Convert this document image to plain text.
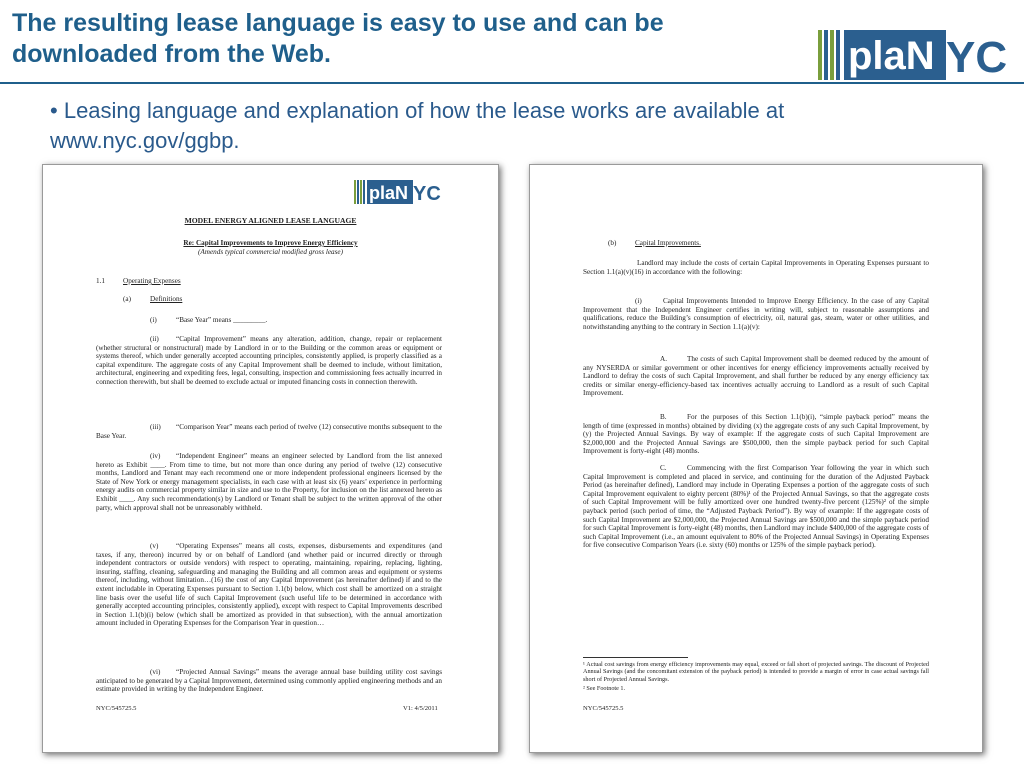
The resulting lease language is easy to use and can be downloaded from the Web.	plaN YC
• Leasing language and explanation of how the lease works are available at www.nyc.gov/ggbp.
plaN YC
MODEL ENERGY ALIGNED LEASE LANGUAGE
Re: Capital Improvements to Improve Energy Efficiency
(Amends typical commercial modified gross lease)
1.1	Operating Expenses
(a)	Definitions
(i)	“Base Year” means _________.
(ii)	“Capital Improvement” means any alteration, addition, change, repair or replacement (whether structural or nonstructural) made by Landlord in or to the Building or the common areas or equipment or systems thereof, which under generally accepted accounting principles, consistently applied, is properly classified as a capital expenditure. The aggregate costs of any Capital Improvement shall be deemed to include, without limitation, architectural, engineering and expediting fees, legal, consulting, inspection and commissioning fees actually incurred in connection therewith, but shall be deemed to exclude actual or imputed financing costs in connection therewith.
(iii)	“Comparison Year” means each period of twelve (12) consecutive months subsequent to the Base Year.
(iv)	“Independent Engineer” means an engineer selected by Landlord from the list annexed hereto as Exhibit ____. From time to time, but not more than once during any period of twelve (12) consecutive months, Landlord and Tenant may each recommend one or more independent professional engineers licensed by the State of New York or energy management specialists, in each case with at least six (6) years’ experience in performing energy audits on commercial property similar in size and use to the Property, for inclusion on the list annexed hereto as Exhibit ____. Any such recommendation(s) by Landlord or Tenant shall be subject to the written approval of the other party, which approval shall not be unreasonably withheld.
(v)	“Operating Expenses” means all costs, expenses, disbursements and expenditures (and taxes, if any, thereon) incurred by or on behalf of Landlord (and whether paid or incurred directly or through independent contractors or outside vendors) with respect to operating, maintaining, repairing, replacing, lighting, insuring, staffing, cleaning, safeguarding and managing the Building and all common areas and equipment or systems thereof, including, without limitation…(16) the cost of any Capital Improvement (as hereinafter defined) if and to the extent includable in Operating Expenses pursuant to Section 1.1(b) below, which cost shall be amortized on a straight line basis over the useful life of such Capital Improvement (such useful life to be determined in accordance with generally accepted accounting principles, consistently applied), except with respect to Capital Improvements described in Section 1.1(b)(i) below (which shall be amortized as provided in that subsection), with the annual amortization amount included in Operating Expenses for the Comparison Year in question…
(vi)	“Projected Annual Savings” means the average annual base building utility cost savings anticipated to be generated by a Capital Improvement, determined using commonly applied engineering methods and an estimate provided in writing by the Independent Engineer.
NYC/545725.5	V1: 4/5/2011
(b)	Capital Improvements.
Landlord may include the costs of certain Capital Improvements in Operating Expenses pursuant to Section 1.1(a)(v)(16) in accordance with the following:
(i)	Capital Improvements Intended to Improve Energy Efficiency. In the case of any Capital Improvement that the Independent Engineer certifies in writing will, subject to reasonable assumptions and qualifications, reduce the Building’s consumption of electricity, oil, natural gas, steam, water or other utilities, and notwithstanding anything to the contrary in Section 1.1(a)(v):
A.	The costs of such Capital Improvement shall be deemed reduced by the amount of any NYSERDA or similar government or other incentives for energy efficiency improvements actually received by Landlord to defray the costs of such Capital Improvement, and shall further be reduced by any energy efficiency tax credits or similar energy-efficiency-based tax incentives actually accruing to Landlord as a result of such Capital Improvement.
B.	For the purposes of this Section 1.1(b)(i), “simple payback period” means the length of time (expressed in months) obtained by dividing (x) the aggregate costs of any such Capital Improvement, by (y) the Projected Annual Savings. By way of example: If the aggregate costs of such Capital Improvement are $2,000,000 and the Projected Annual Savings are $500,000, then the simple payback period for such Capital Improvement is forty-eight (48) months.
C.	Commencing with the first Comparison Year following the year in which such Capital Improvement is completed and placed in service, and continuing for the duration of the Adjusted Payback Period (as hereinafter defined), Landlord may include in Operating Expenses a portion of the aggregate costs of such Capital Improvement equivalent to eighty percent (80%)¹ of the Projected Annual Savings, so that the aggregate costs of such Capital Improvement will be fully amortized over one hundred twenty-five percent (125%)² of the simple payback period (such period of time, the “Adjusted Payback Period”). By way of example: If the aggregate costs of such Capital Improvement are $2,000,000, the Projected Annual Savings are $500,000 and the simple payback period for such Capital Improvement is forty-eight (48) months, then Landlord may include $400,000 of the aggregate costs of such Capital Improvement (i.e., an amount equivalent to 80% of the Projected Annual Savings) in Operating Expenses for five consecutive Comparison Years (i.e. sixty (60) months or 125% of the simple payback period).
¹ Actual cost savings from energy efficiency improvements may equal, exceed or fall short of projected savings. The discount of Projected Annual Savings (and the concomitant extension of the payback period) is intended to provide a margin of error in case actual savings fall short of Projected Annual Savings.
² See Footnote 1.
NYC/545725.5
